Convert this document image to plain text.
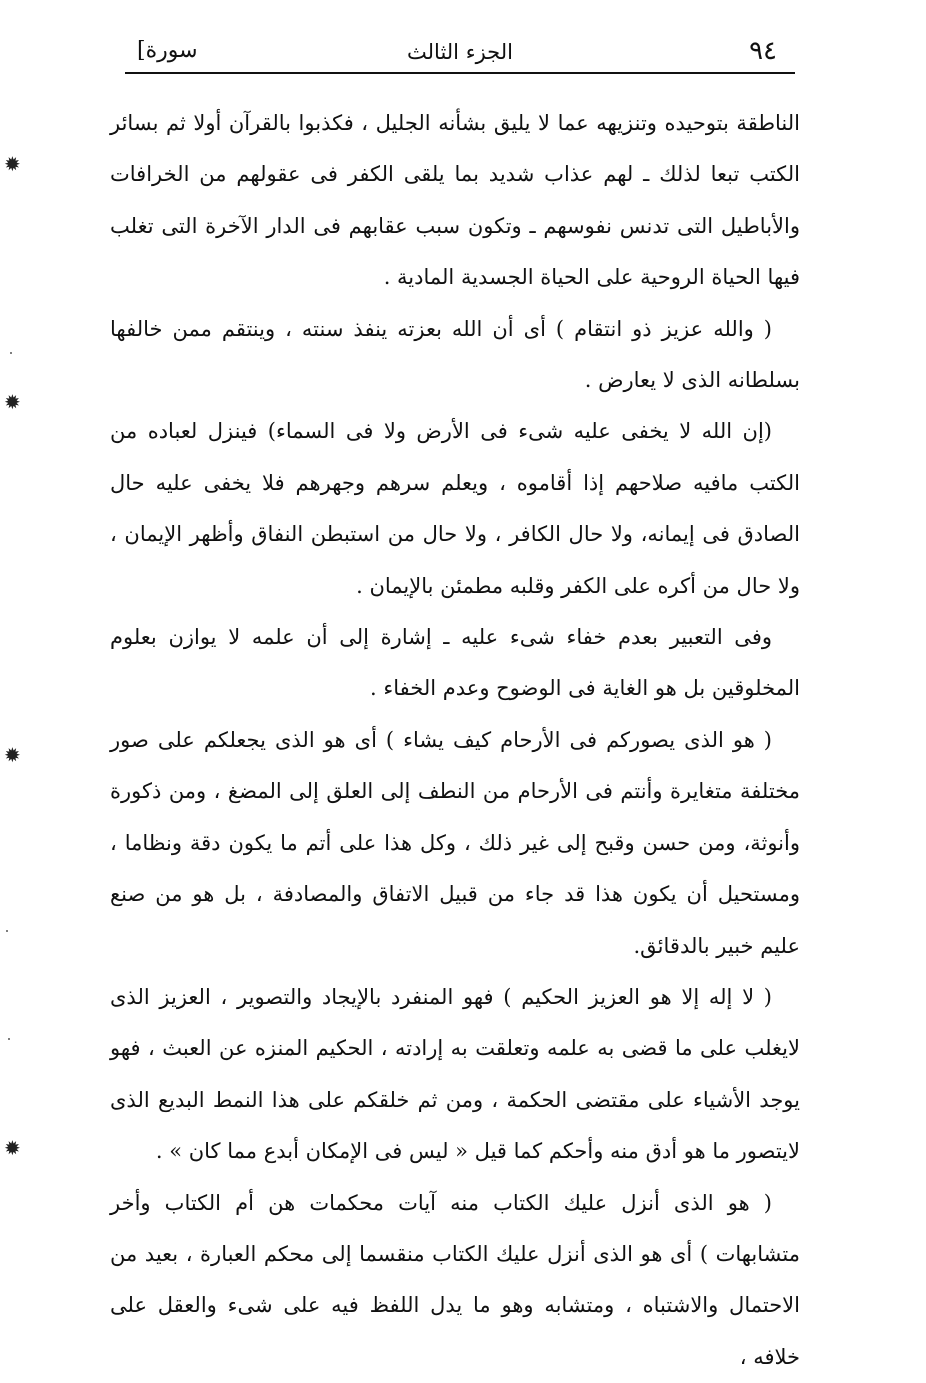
٩٤
الجزء الثالث
[سورة

الناطقة بتوحيده وتنزيهه عما لا يليق بشأنه الجليل ، فكذبوا بالقرآن أولا ثم بسائر الكتب تبعا لذلك ـ لهم عذاب شديد بما يلقى الكفر فى عقولهم من الخرافات والأباطيل التى تدنس نفوسهم ـ وتكون سبب عقابهم فى الدار الآخرة التى تغلب فيها الحياة الروحية على الحياة الجسدية المادية .

( والله عزيز ذو انتقام ) أى أن الله بعزته ينفذ سنته ، وينتقم ممن خالفها بسلطانه الذى لا يعارض .

(إن الله لا يخفى عليه شىء فى الأرض ولا فى السماء) فينزل لعباده من الكتب مافيه صلاحهم إذا أقاموه ، ويعلم سرهم وجهرهم فلا يخفى عليه حال الصادق فى إيمانه، ولا حال الكافر ، ولا حال من استبطن النفاق وأظهر الإيمان ، ولا حال من أكره على الكفر وقلبه مطمئن بالإيمان .

وفى التعبير بعدم خفاء شىء عليه ـ إشارة إلى أن علمه لا يوازن بعلوم المخلوقين بل هو الغاية فى الوضوح وعدم الخفاء .

( هو الذى يصوركم فى الأرحام كيف يشاء ) أى هو الذى يجعلكم على صور مختلفة متغايرة وأنتم فى الأرحام من النطف إلى العلق إلى المضغ ، ومن ذكورة وأنوثة، ومن حسن وقبح إلى غير ذلك ، وكل هذا على أتم ما يكون دقة ونظاما ، ومستحيل أن يكون هذا قد جاء من قبيل الاتفاق والمصادفة ، بل هو من صنع عليم خبير بالدقائق.

( لا إله إلا هو العزيز الحكيم ) فهو المنفرد بالإيجاد والتصوير ، العزيز الذى لايغلب على ما قضى به علمه وتعلقت به إرادته ، الحكيم المنزه عن العبث ، فهو يوجد الأشياء على مقتضى الحكمة ، ومن ثم خلقكم على هذا النمط البديع الذى لايتصور ما هو أدق منه وأحكم كما قيل « ليس فى الإمكان أبدع مما كان » .

( هو الذى أنزل عليك الكتاب منه آيات محكمات هن أم الكتاب وأخر متشابهات ) أى هو الذى أنزل عليك الكتاب منقسما إلى محكم العبارة ، بعيد من الاحتمال والاشتباه ، ومتشابه وهو ما يدل اللفظ فيه على شىء والعقل على خلافه ،

✹
✹
✹
✹
